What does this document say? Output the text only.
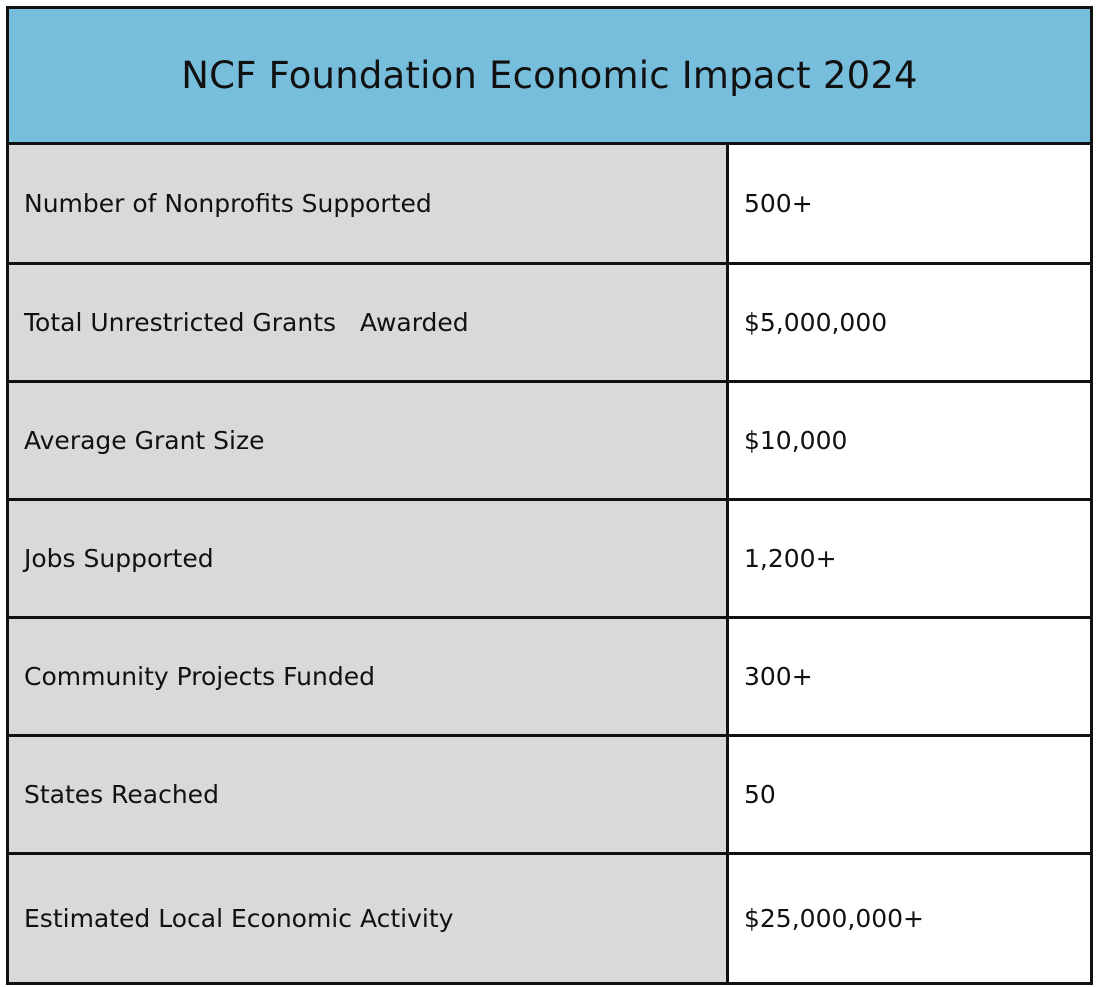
NCF Foundation Economic Impact 2024
Number of Nonprofits Supported	500+
Total Unrestricted Grants   Awarded	$5,000,000
Average Grant Size	$10,000
Jobs Supported	1,200+
Community Projects Funded	300+
States Reached	50
Estimated Local Economic Activity	$25,000,000+
